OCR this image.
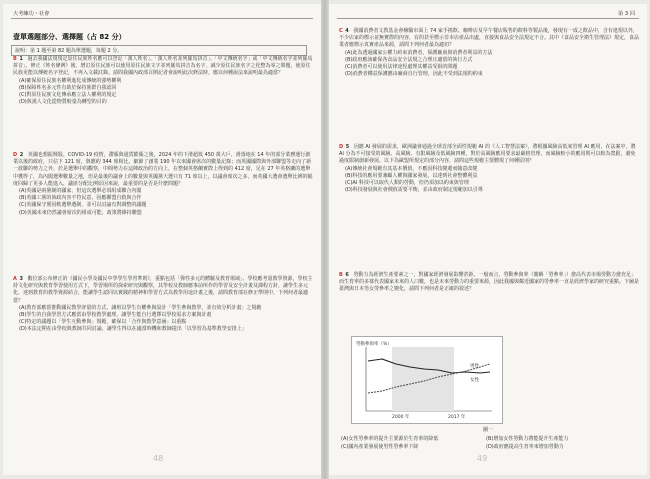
大考練功・社會
壹單選題部分、選擇題（占 82 分）
說明：第 1 題至第 82 題為單選題，每題 2 分。
B 1 過去我國法規規定原住民族姓名應可以登記「漢人姓名」、「漢人姓名並列羅馬拼音」、「中文傳統名字」或「中文傳統名字並列羅馬拼音」。修正《姓名條例》後，增訂原住民族可以使用原住民族文字並列羅馬拼音為名字，減少原住民族名字之化整為零之問題，使原住民族更能以傳統名字登記，不再入文載註錄。請問我國內政部召開記者會說明此次修法時，應以何種說法來說明最為適當？
(A)確保原住民族名權利進化成傳統的強勢權利
(B)保障姓名多元性有助於保持族群自我認同
(C)對原住民族文化傳承應立法人權利的規定
(D)與漢人文化從物質較量為轉型的目的
D 2 英國也想振興股、COVID-19 疫情，滯脹與通貨膨脹之後，2024 年的下滑超低 450 萬大戶，滑落地在 14 年的部分業務運行創業以後的政府，只佔下 121 席，與應約 344 席相比，細節了創業 190 年以來國會席次的數量記錄；而英國國際與外部聯盟等走向了新一波聯的勢力之外，於是選舉中的觀察，中間勢力在這陣政治的方向上，在整個英格蘭實際上得到的 412 席，足在 27 年英格蘭的選舉中獲得了，為內閣選舉數量之地，但是最後的議會上的數量與英國黨大選只有 71 席以上，以議會席次之多，而英國大選會選舉比例的幅度回歸了更多人能進入，議席分配比例原因來說，最重要的是否是什麼問題？
(A)英國是兩黨制的國家，但這次選舉必須組成聯合內閣
(B)英國工黨的執政內容不符民意，因應聯盟自救與合作
(C)英國保守黨因軟選舉選制，並可以討論有對調整的議題
(D)英國未來仍然議會席次的組成可能，政策將維持聯盟
A 3 數位部公布修正的《國民小學及國民中學學生學習準則》，重點包括「彈性多元的體驗及教育場域」、學校應考量教學資源，學校主持文化研究與教育學習使用方式下，學習場所的探索研究與觀察，其學校及教師應事前所作的學習及安全計畫及課程方針，讓學生多元化，達到教育的教學資源結合，能讓學生認同以實踐的精神和學習方式為教學用途計畫之後，請問教育部在修正準則中，下列何者最適當？
(A)教育部應當推動國民教學評量的方式，讓班以學生有權參與設計「學生參與教學，並有效分析計畫」之規範
(B)學生的自我學習方式應當由學校教學處理，讓學生能自行選擇以學校需求方案與計畫
(C)特定的議題以「學生互動參與」規範，確保以「合作與教學意涵」以重點
(D)本法定期在由學校與教師共同討論，讓學生得以在適當時機和教師提出「以學習為基準教學安排上」
48
第 3 回
C 4 我國消費者文教基金會檢驗市面上 74 家手搖飲、咖啡店及早午餐店販售的飲料等製品後，發現有一成之飲品中，含有違規以外，不少店家的標示並無實際的內容，有的甚至標示非本店產品出處，直接與食品安全法規定不合。其中《食品安全衛生管理法》規定，食品業者應標示真實產品來源，請問下列何者最為適切？
(A)此為透過國家公權力約束消費者，保護廠商與消費者利益的方法
(B)政府應該確保各食品安全法規之合理且適當的執行方式
(C)消費者可以使用法律途徑處理其權益受損的問題
(D)消費者權益保護應由廠商自行管理，因此不受到法規的約束
D 5 因應 AI 發展的需求，歐洲議會通過全球首部全面性規範 AI 的《人工智慧法案》，將根據風險高低來管理 AI 應用，在法案中，將 AI 分為不可接受的風險、高風險、有限風險及低風險四種，對於高風險應用要求最嚴格管理，而風險較小的應用則可以較為寬鬆，避免過度限制創新發展。以下為歐盟所規定的部分內容，請問這些規範主要體現了何種原則？
(A)傳統社會規範有其基本價值，不應因科技變遷而隨意改變
(B)科技的應用要兼顧人權與國家發展，以達到社會整體利益
(C)AI 科技可以取代人類的勞動，但仍須加以約束與管理
(D)科技發展與社會價值需要平衡，並由政府制定規範加以引導
B 6 勞動力為經濟生產要素之一，對國家經濟發展影響甚鉅。一般而言，勞動參與率（簡稱「勞參率」）愈高代表市場勞動力愈充足；而生育率的多寡代表國家未來的人口數，也是未來勞動力的重要來源，因此我國與鄰近國家的勞參率一直是經濟學家的研究重點。下圖是臺灣與日本男女勞參率之變化，請問下列何者是正確的敘述？
勞動參與率（%）
男性
女性
2000 年	2017 年
圖一
(A)女性勞參率的提升主要源於生育率的降低	(B)增加女性勞動力將能提升生產能力
(C)國內產業發展使男性勞參率下降	(D)政府應提高生育率來增加勞動力
49
